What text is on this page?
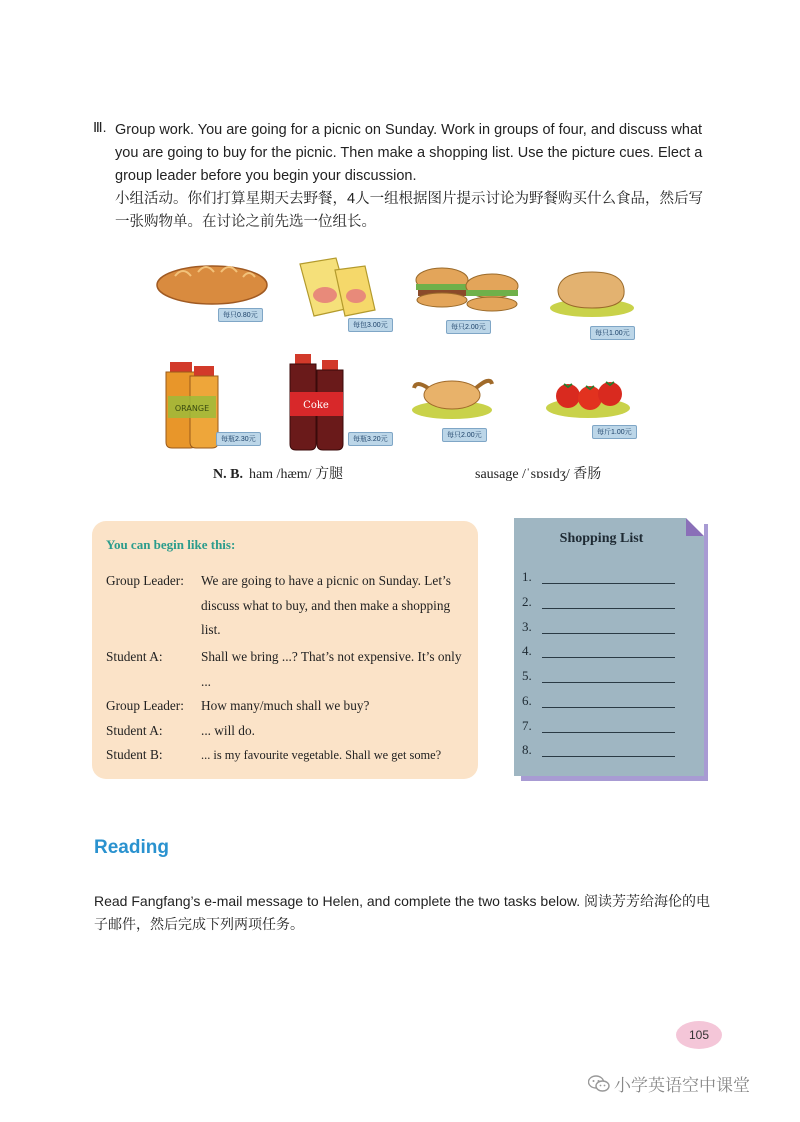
Ⅲ. Group work. You are going for a picnic on Sunday. Work in groups of four, and discuss what you are going to buy for the picnic. Then make a shopping list. Use the picture cues. Elect a group leader before you begin your discussion.

小组活动。你们打算星期天去野餐，4人一组根据图片提示讨论为野餐购买什么食品，然后写一张购物单。在讨论之前先选一位组长。

ORANGE	Coke
每只0.80元
每包3.00元	每只2.00元
每只1.00元
每瓶2.30元	每瓶3.20元
每只2.00元	每斤1.00元
N. B. ham /hæm/ 方腿	sausage /ˈsɒsɪdʒ/ 香肠
You can begin like this:
Group Leader:	We are going to have a picnic on Sunday. Let’s discuss what to buy, and then make a shopping list.
Student A:	Shall we bring ...? That’s not expensive. It’s only ...
Group Leader:	How many/much shall we buy?
Student A:	... will do.
Student B:	... is my favourite vegetable. Shall we get some?
Shopping List
1.
2.
3.
4.
5.
6.
7.
8.
Reading
Read Fangfang’s e-mail message to Helen, and complete the two tasks below. 阅读芳芳给海伦的电子邮件，然后完成下列两项任务。
105
小学英语空中课堂
